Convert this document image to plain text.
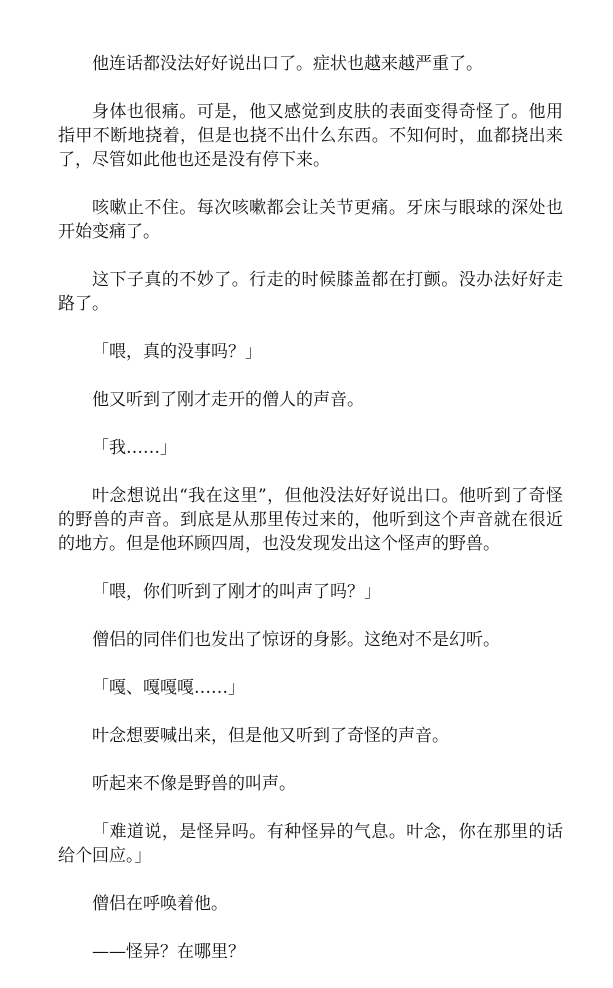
他连话都没法好好说出口了。症状也越来越严重了。

身体也很痛。可是，他又感觉到皮肤的表面变得奇怪了。他用指甲不断地挠着，但是也挠不出什么东西。不知何时，血都挠出来了，尽管如此他也还是没有停下来。

咳嗽止不住。每次咳嗽都会让关节更痛。牙床与眼球的深处也开始变痛了。

这下子真的不妙了。行走的时候膝盖都在打颤。没办法好好走路了。

「喂，真的没事吗？」

他又听到了刚才走开的僧人的声音。

「我……」

叶念想说出“我在这里”，但他没法好好说出口。他听到了奇怪的野兽的声音。到底是从那里传过来的，他听到这个声音就在很近的地方。但是他环顾四周，也没发现发出这个怪声的野兽。

「喂，你们听到了刚才的叫声了吗？」

僧侣的同伴们也发出了惊讶的身影。这绝对不是幻听。

「嘎、嘎嘎嘎……」

叶念想要喊出来，但是他又听到了奇怪的声音。

听起来不像是野兽的叫声。

「难道说，是怪异吗。有种怪异的气息。叶念，你在那里的话给个回应。」

僧侣在呼唤着他。

——怪异？在哪里？
